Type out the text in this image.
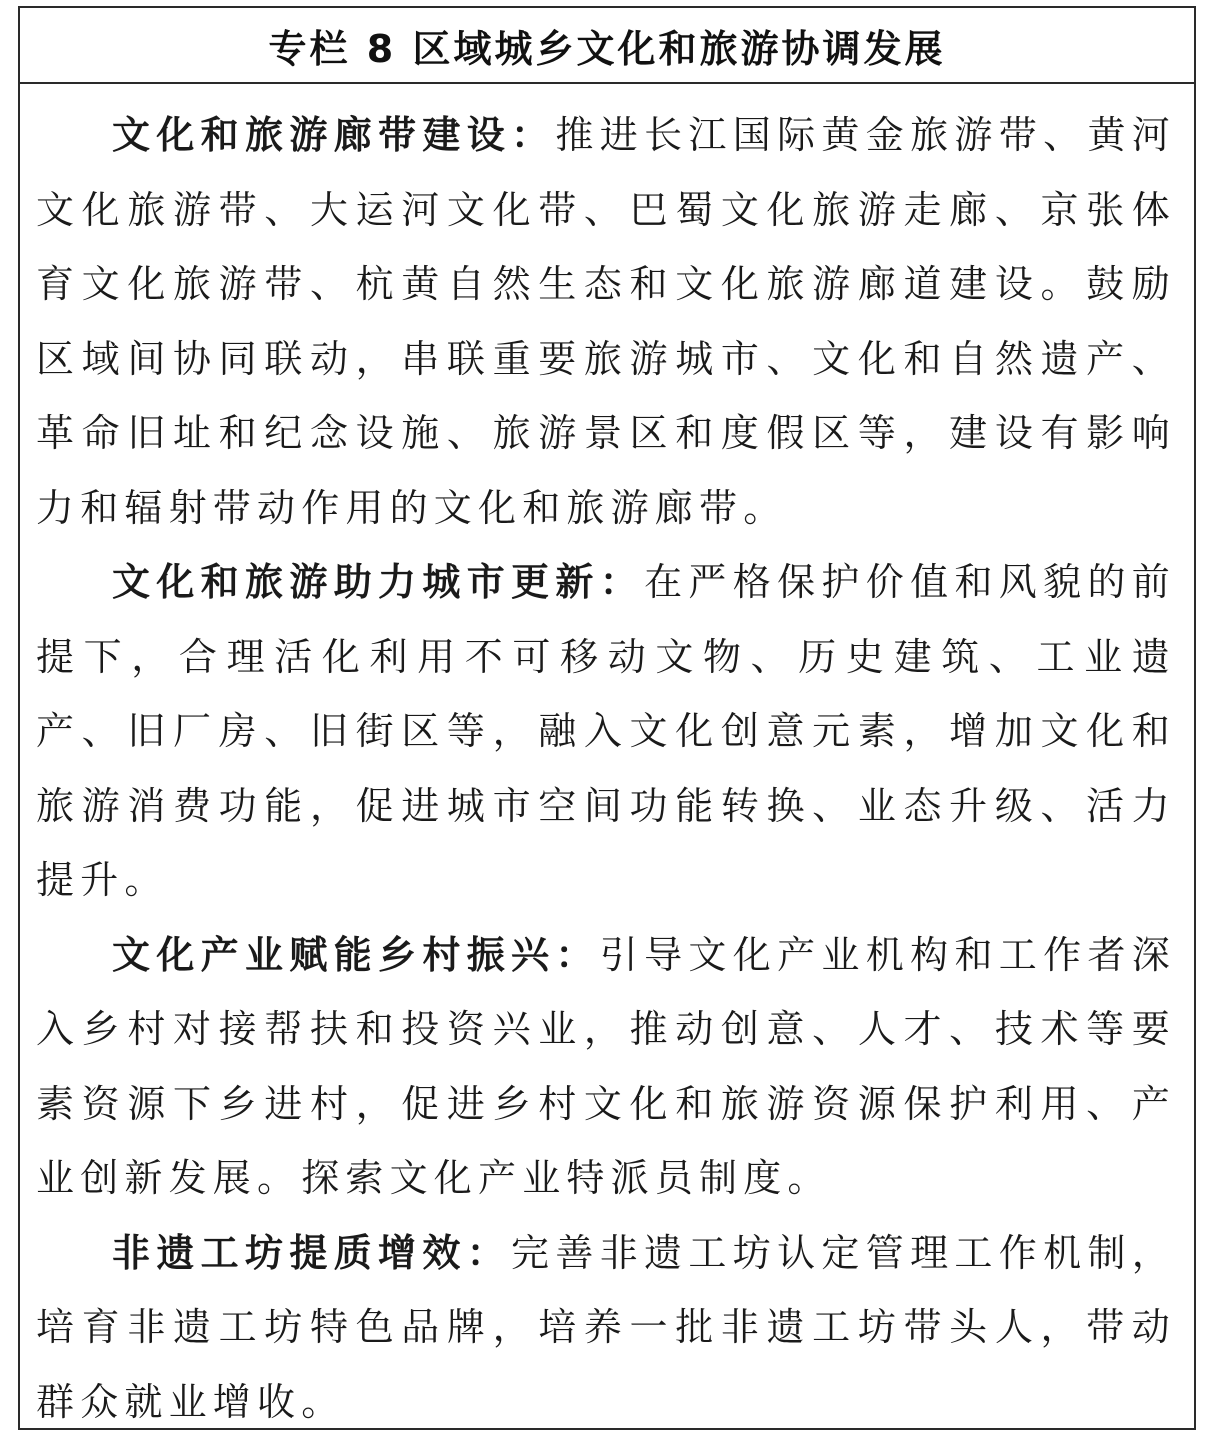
专栏 8 区域城乡文化和旅游协调发展

文化和旅游廊带建设：推进长江国际黄金旅游带、黄河文化旅游带、大运河文化带、巴蜀文化旅游走廊、京张体育文化旅游带、杭黄自然生态和文化旅游廊道建设。鼓励区域间协同联动，串联重要旅游城市、文化和自然遗产、革命旧址和纪念设施、旅游景区和度假区等，建设有影响力和辐射带动作用的文化和旅游廊带。

文化和旅游助力城市更新：在严格保护价值和风貌的前提下，合理活化利用不可移动文物、历史建筑、工业遗产、旧厂房、旧街区等，融入文化创意元素，增加文化和旅游消费功能，促进城市空间功能转换、业态升级、活力提升。

文化产业赋能乡村振兴：引导文化产业机构和工作者深入乡村对接帮扶和投资兴业，推动创意、人才、技术等要素资源下乡进村，促进乡村文化和旅游资源保护利用、产业创新发展。探索文化产业特派员制度。

非遗工坊提质增效：完善非遗工坊认定管理工作机制，培育非遗工坊特色品牌，培养一批非遗工坊带头人，带动群众就业增收。
